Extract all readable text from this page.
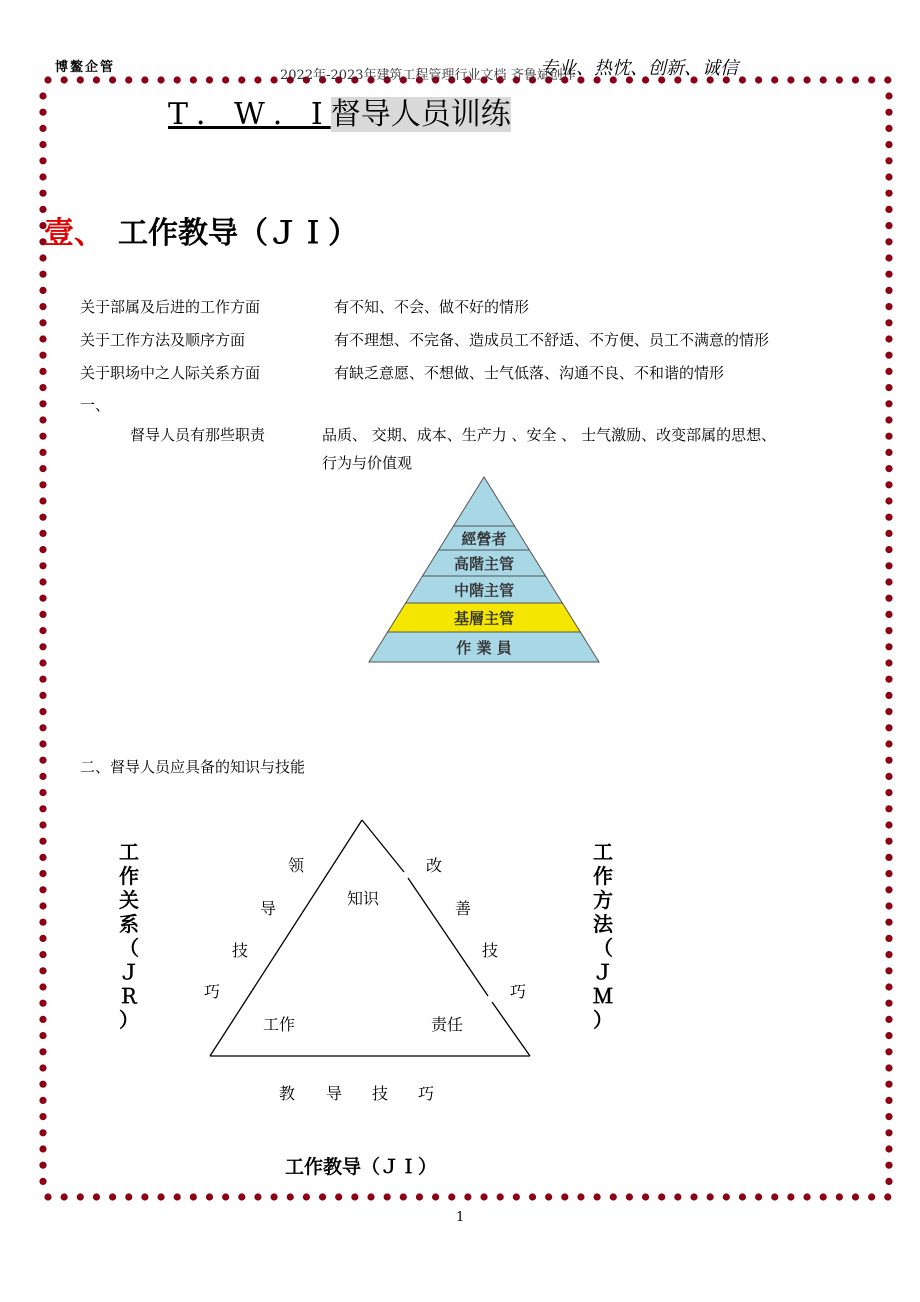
博鳌企管
2022年-2023年建筑工程管理行业文档 齐鲁斌创作
专业、热忱、创新、诚信
T．W．I督导人员训练
壹、 工作教导（ＪＩ）
关于部属及后进的工作方面	有不知、不会、做不好的情形
关于工作方法及顺序方面	有不理想、不完备、造成员工不舒适、不方便、员工不满意的情形
关于职场中之人际关系方面	有缺乏意愿、不想做、士气低落、沟通不良、不和谐的情形
一、
督导人员有那些职责	品质、 交期、成本、生产力 、安全 、 士气激励、改变部属的思想、
行为与价值观
經營者
高階主管
中階主管
基層主管
作 業 員
二、督导人员应具备的知识与技能
工
作
关
系
（
Ｊ
Ｒ
）
工
作
方
法
（
Ｊ
Ｍ
）
领
导
技
巧
改
善
技
巧
知识
工作	责任
教 导 技 巧
工作教导（ＪＩ）
1
